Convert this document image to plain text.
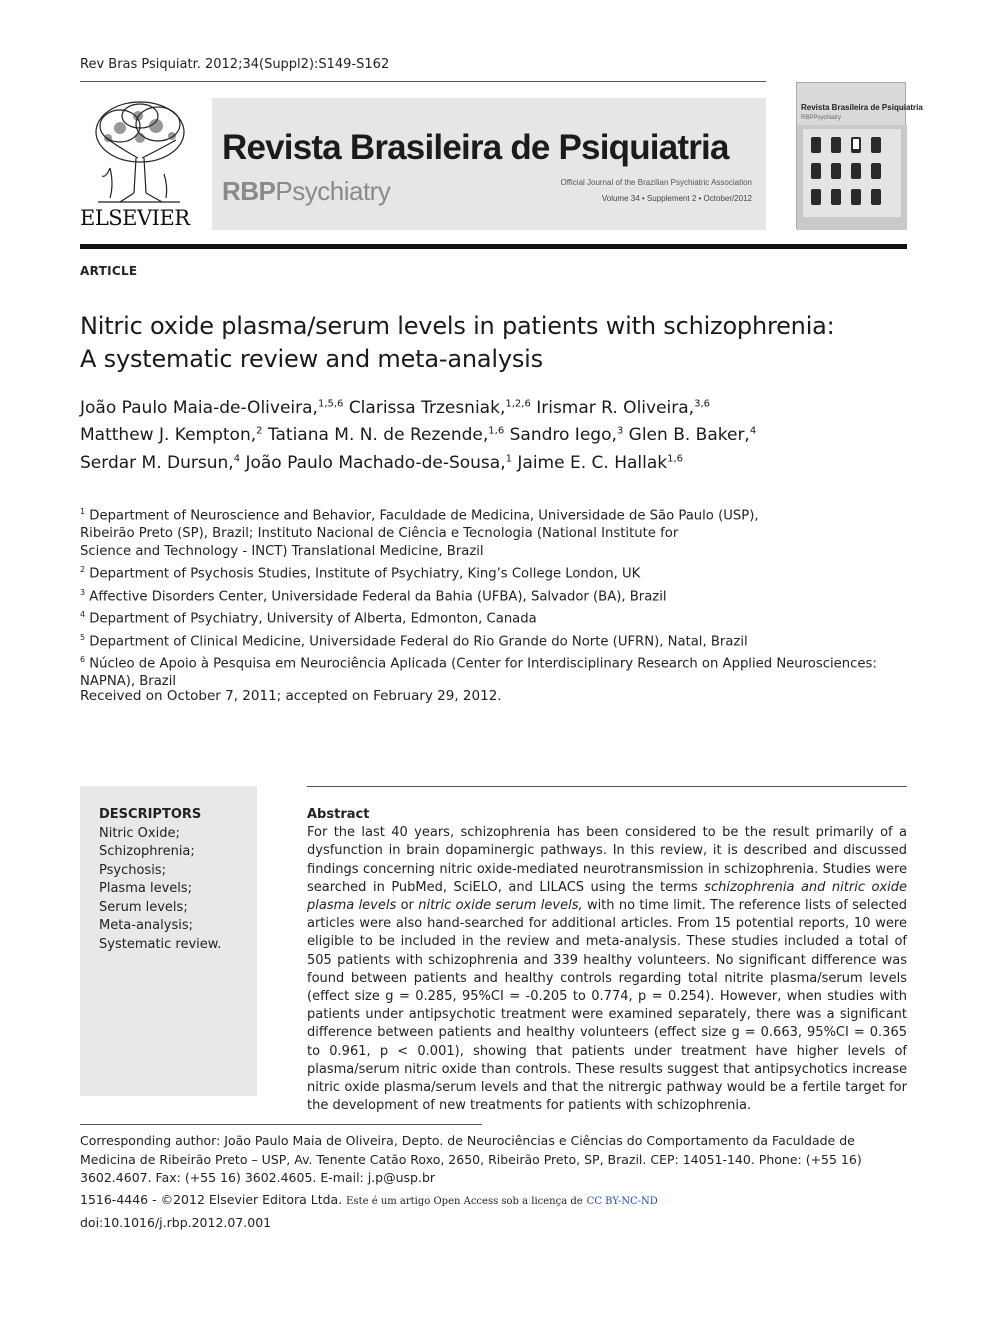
Rev Bras Psiquiatr. 2012;34(Suppl2):S149-S162
ELSEVIER
Revista Brasileira de Psiquiatria
RBPPsychiatry	Official Journal of the Brazilian Psychiatric Association
Volume 34 • Supplement 2 • October/2012
Revista Brasileira de Psiquiatria
RBPPsychiatry
ARTICLE
Nitric oxide plasma/serum levels in patients with schizophrenia: A systematic review and meta-analysis
João Paulo Maia-de-Oliveira,$^{1,5,6}$ Clarissa Trzesniak,$^{1,2,6}$ Irismar R. Oliveira,$^{3,6}$
Matthew J. Kempton,$^2$ Tatiana M. N. de Rezende,$^{1,6}$ Sandro Iego,$^3$ Glen B. Baker,$^4$
Serdar M. Dursun,$^4$ João Paulo Machado-de-Sousa,$^1$ Jaime E. C. Hallak$^{1,6}$
$^1$ Department of Neuroscience and Behavior, Faculdade de Medicina, Universidade de São Paulo (USP),
Ribeirão Preto (SP), Brazil; Instituto Nacional de Ciência e Tecnologia (National Institute for
Science and Technology - INCT) Translational Medicine, Brazil
$^2$ Department of Psychosis Studies, Institute of Psychiatry, King’s College London, UK
$^3$ Affective Disorders Center, Universidade Federal da Bahia (UFBA), Salvador (BA), Brazil
$^4$ Department of Psychiatry, University of Alberta, Edmonton, Canada
$^5$ Department of Clinical Medicine, Universidade Federal do Rio Grande do Norte (UFRN), Natal, Brazil
$^6$ Núcleo de Apoio à Pesquisa em Neurociência Aplicada (Center for Interdisciplinary Research on Applied Neurosciences:
NAPNA), Brazil
Received on October 7, 2011; accepted on February 29, 2012.
DESCRIPTORS
Nitric Oxide;
Schizophrenia;
Psychosis;
Plasma levels;
Serum levels;
Meta-analysis;
Systematic review.
Abstract
For the last 40 years, schizophrenia has been considered to be the result primarily of a dysfunction in brain dopaminergic pathways. In this review, it is described and discussed findings concerning nitric oxide-mediated neurotransmission in schizophrenia. Studies were searched in PubMed, SciELO, and LILACS using the terms schizophrenia and nitric oxide plasma levels or nitric oxide serum levels, with no time limit. The reference lists of selected articles were also hand-searched for additional articles. From 15 potential reports, 10 were eligible to be included in the review and meta-analysis. These studies included a total of 505 patients with schizophrenia and 339 healthy volunteers. No significant difference was found between patients and healthy controls regarding total nitrite plasma/serum levels (effect size g = 0.285, 95%CI = -0.205 to 0.774, p = 0.254). However, when studies with patients under antipsychotic treatment were examined separately, there was a significant difference between patients and healthy volunteers (effect size g = 0.663, 95%CI = 0.365 to 0.961, p < 0.001), showing that patients under treatment have higher levels of plasma/serum nitric oxide than controls. These results suggest that antipsychotics increase nitric oxide plasma/serum levels and that the nitrergic pathway would be a fertile target for the development of new treatments for patients with schizophrenia.
Corresponding author: João Paulo Maia de Oliveira, Depto. de Neurociências e Ciências do Comportamento da Faculdade de Medicina de Ribeirão Preto – USP, Av. Tenente Catão Roxo, 2650, Ribeirão Preto, SP, Brazil. CEP: 14051-140. Phone: (+55 16) 3602.4607. Fax: (+55 16) 3602.4605. E-mail: j.p@usp.br
1516-4446 - ©2012 Elsevier Editora Ltda. Este é um artigo Open Access sob a licença de CC BY-NC-ND
doi:10.1016/j.rbp.2012.07.001
